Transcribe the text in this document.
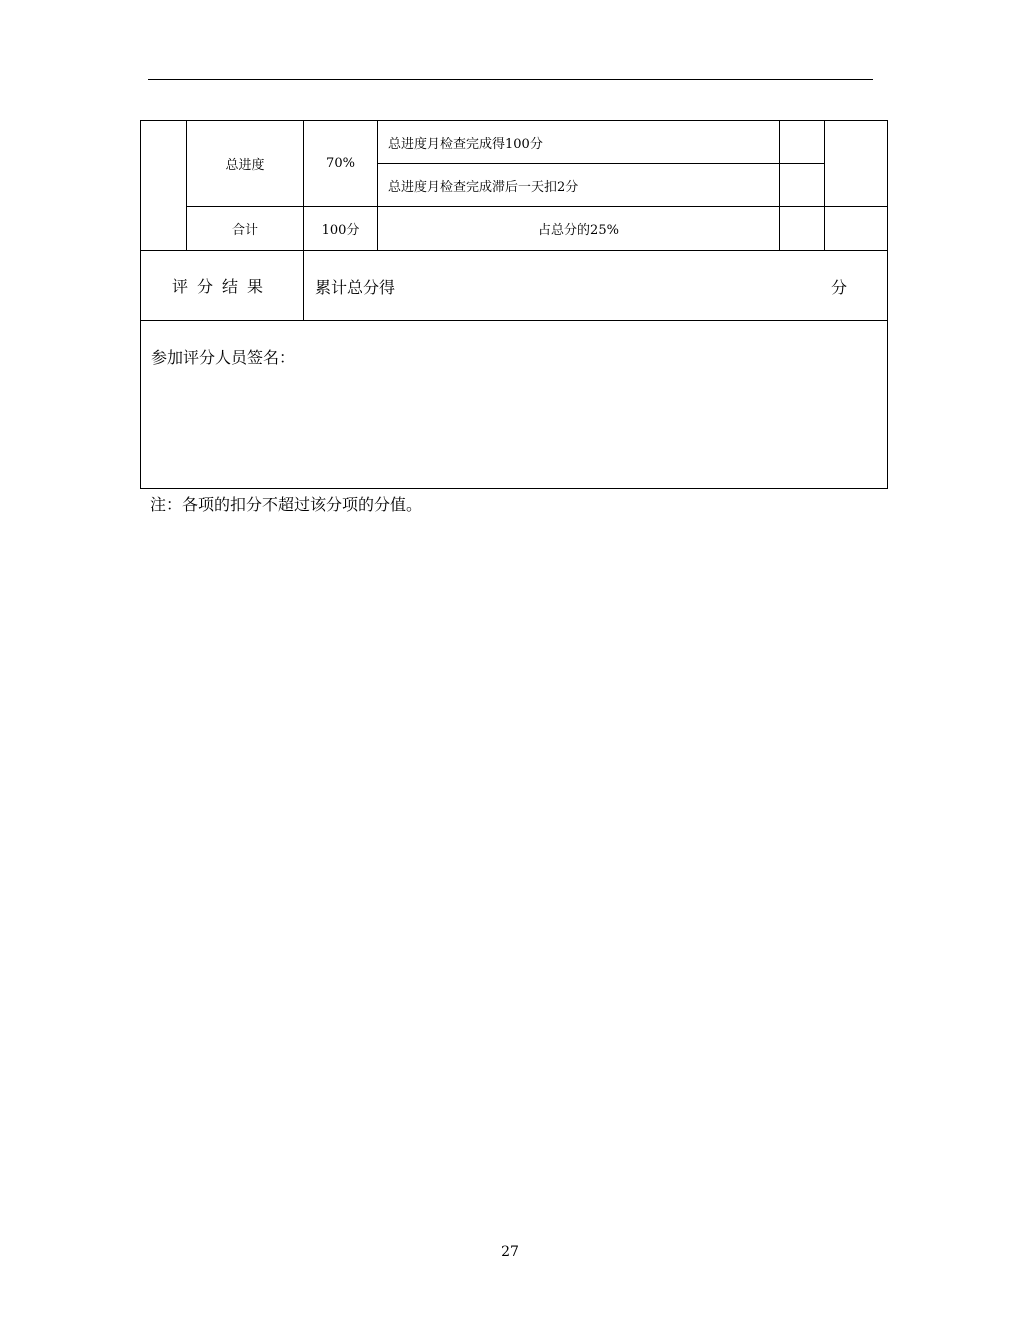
	总进度	70%	总进度月检查完成得100分		
			总进度月检查完成滞后一天扣2分		
	合计	100分	占总分的25%		
评分结果		累计总分得 分			

参加评分人员签名：					
注：各项的扣分不超过该分项的分值。
27
